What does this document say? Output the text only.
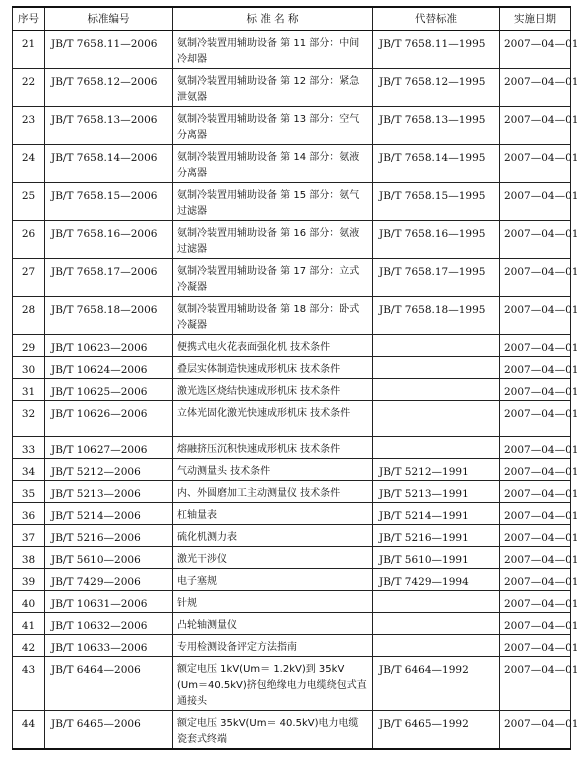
序号	标准编号	标 准 名 称	代替标准	实施日期

21	JB/T 7658.11—2006	氨制冷装置用辅助设备 第 11 部分：中间冷却器	JB/T 7658.11—1995	2007—04—01

22	JB/T 7658.12—2006	氨制冷装置用辅助设备 第 12 部分：紧急泄氨器	JB/T 7658.12—1995	2007—04—01

23	JB/T 7658.13—2006	氨制冷装置用辅助设备 第 13 部分：空气分离器	JB/T 7658.13—1995	2007—04—01

24	JB/T 7658.14—2006	氨制冷装置用辅助设备 第 14 部分：氨液分离器	JB/T 7658.14—1995	2007—04—01

25	JB/T 7658.15—2006	氨制冷装置用辅助设备 第 15 部分：氨气过滤器	JB/T 7658.15—1995	2007—04—01

26	JB/T 7658.16—2006	氨制冷装置用辅助设备 第 16 部分：氨液过滤器	JB/T 7658.16—1995	2007—04—01

27	JB/T 7658.17—2006	氨制冷装置用辅助设备 第 17 部分：立式冷凝器	JB/T 7658.17—1995	2007—04—01

28	JB/T 7658.18—2006	氨制冷装置用辅助设备 第 18 部分：卧式冷凝器	JB/T 7658.18—1995	2007—04—01

29	JB/T 10623—2006	便携式电火花表面强化机 技术条件		2007—04—01

30	JB/T 10624—2006	叠层实体制造快速成形机床 技术条件		2007—04—01

31	JB/T 10625—2006	激光选区烧结快速成形机床 技术条件		2007—04—01

32	JB/T 10626—2006	立体光固化激光快速成形机床 技术条件		2007—04—01

33	JB/T 10627—2006	熔融挤压沉积快速成形机床 技术条件		2007—04—01

34	JB/T 5212—2006	气动测量头 技术条件	JB/T 5212—1991	2007—04—01

35	JB/T 5213—2006	内、外圆磨加工主动测量仪 技术条件	JB/T 5213—1991	2007—04—01

36	JB/T 5214—2006	杠轴量表	JB/T 5214—1991	2007—04—01

37	JB/T 5216—2006	硫化机测力表	JB/T 5216—1991	2007—04—01

38	JB/T 5610—2006	激光干涉仪	JB/T 5610—1991	2007—04—01

39	JB/T 7429—2006	电子塞规	JB/T 7429—1994	2007—04—01

40	JB/T 10631—2006	针规		2007—04—01

41	JB/T 10632—2006	凸轮轴测量仪		2007—04—01

42	JB/T 10633—2006	专用检测设备评定方法指南		2007—04—01

43	JB/T 6464—2006	额定电压 1kV(Um＝ 1.2kV)到 35kV (Um＝40.5kV)挤包绝缘电力电缆绕包式直通接头	JB/T 6464—1992	2007—04—01

44	JB/T 6465—2006	额定电压 35kV(Um＝ 40.5kV)电力电缆瓷套式终端	JB/T 6465—1992	2007—04—01
